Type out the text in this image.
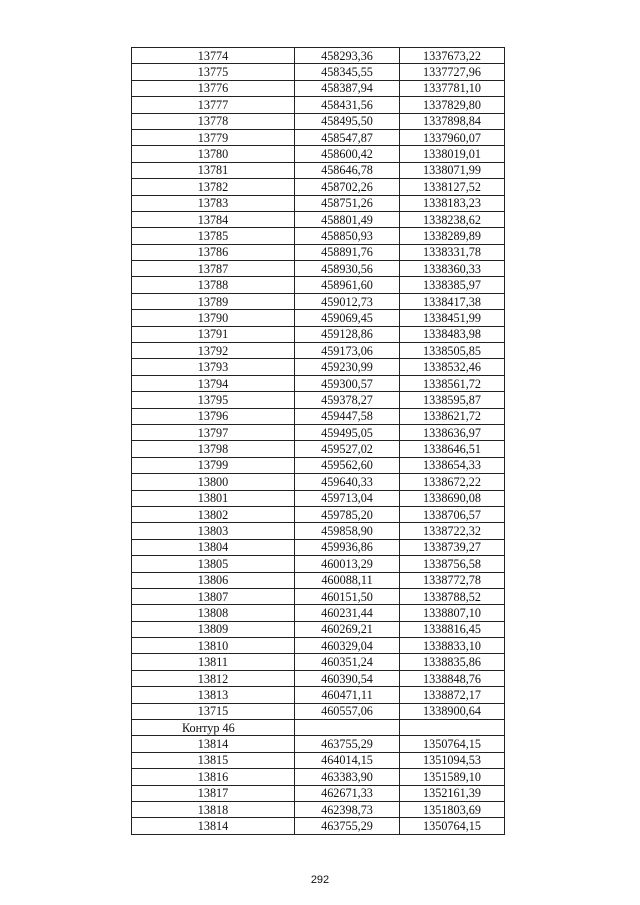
13774	458293,36	1337673,22
13775	458345,55	1337727,96
13776	458387,94	1337781,10
13777	458431,56	1337829,80
13778	458495,50	1337898,84
13779	458547,87	1337960,07
13780	458600,42	1338019,01
13781	458646,78	1338071,99
13782	458702,26	1338127,52
13783	458751,26	1338183,23
13784	458801,49	1338238,62
13785	458850,93	1338289,89
13786	458891,76	1338331,78
13787	458930,56	1338360,33
13788	458961,60	1338385,97
13789	459012,73	1338417,38
13790	459069,45	1338451,99
13791	459128,86	1338483,98
13792	459173,06	1338505,85
13793	459230,99	1338532,46
13794	459300,57	1338561,72
13795	459378,27	1338595,87
13796	459447,58	1338621,72
13797	459495,05	1338636,97
13798	459527,02	1338646,51
13799	459562,60	1338654,33
13800	459640,33	1338672,22
13801	459713,04	1338690,08
13802	459785,20	1338706,57
13803	459858,90	1338722,32
13804	459936,86	1338739,27
13805	460013,29	1338756,58
13806	460088,11	1338772,78
13807	460151,50	1338788,52
13808	460231,44	1338807,10
13809	460269,21	1338816,45
13810	460329,04	1338833,10
13811	460351,24	1338835,86
13812	460390,54	1338848,76
13813	460471,11	1338872,17
13715	460557,06	1338900,64
Контур 46		
13814	463755,29	1350764,15
13815	464014,15	1351094,53
13816	463383,90	1351589,10
13817	462671,33	1352161,39
13818	462398,73	1351803,69
13814	463755,29	1350764,15
292
